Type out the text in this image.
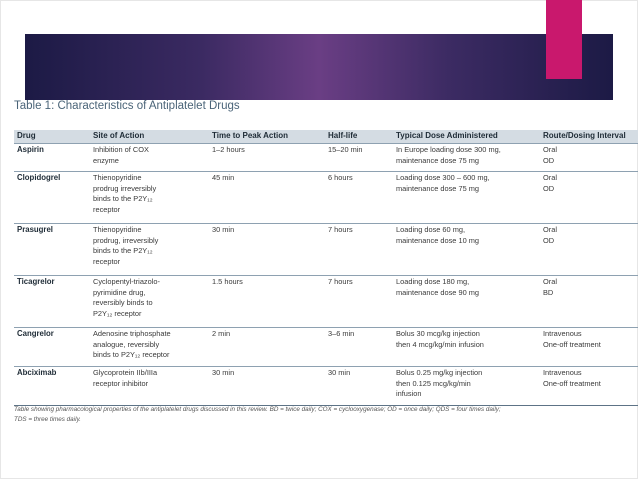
Table 1: Characteristics of Antiplatelet Drugs
Drug	Site of Action	Time to Peak Action	Half-life	Typical Dose Administered	Route/Dosing Interval
Aspirin	Inhibition of COX
enzyme	1–2 hours	15–20 min	In Europe loading dose 300 mg,
maintenance dose 75 mg	Oral
OD

Clopidogrel	Thienopyridine
prodrug irreversibly
binds to the P2Y₁₂
receptor	45 min	6 hours	Loading dose 300 – 600 mg,
maintenance dose 75 mg	Oral
OD

Prasugrel	Thienopyridine
prodrug, irreversibly
binds to the P2Y₁₂
receptor	30 min	7 hours	Loading dose 60 mg,
maintenance dose 10 mg	Oral
OD

Ticagrelor	Cyclopentyl-triazolo-
pyrimidine drug,
reversibly binds to
P2Y₁₂ receptor	1.5 hours	7 hours	Loading dose 180 mg,
maintenance dose 90 mg	Oral
BD

Cangrelor	Adenosine triphosphate
analogue, reversibly
binds to P2Y₁₂ receptor	2 min	3–6 min	Bolus 30 mcg/kg injection
then 4 mcg/kg/min infusion	Intravenous
One-off treatment

Abciximab	Glycoprotein IIb/IIIa
receptor inhibitor	30 min	30 min	Bolus 0.25 mg/kg injection
then 0.125 mcg/kg/min
infusion	Intravenous
One-off treatment
Table showing pharmacological properties of the antiplatelet drugs discussed in this review. BD = twice daily; COX = cyclooxygenase; OD = once daily; QDS = four times daily;
TDS = three times daily.
